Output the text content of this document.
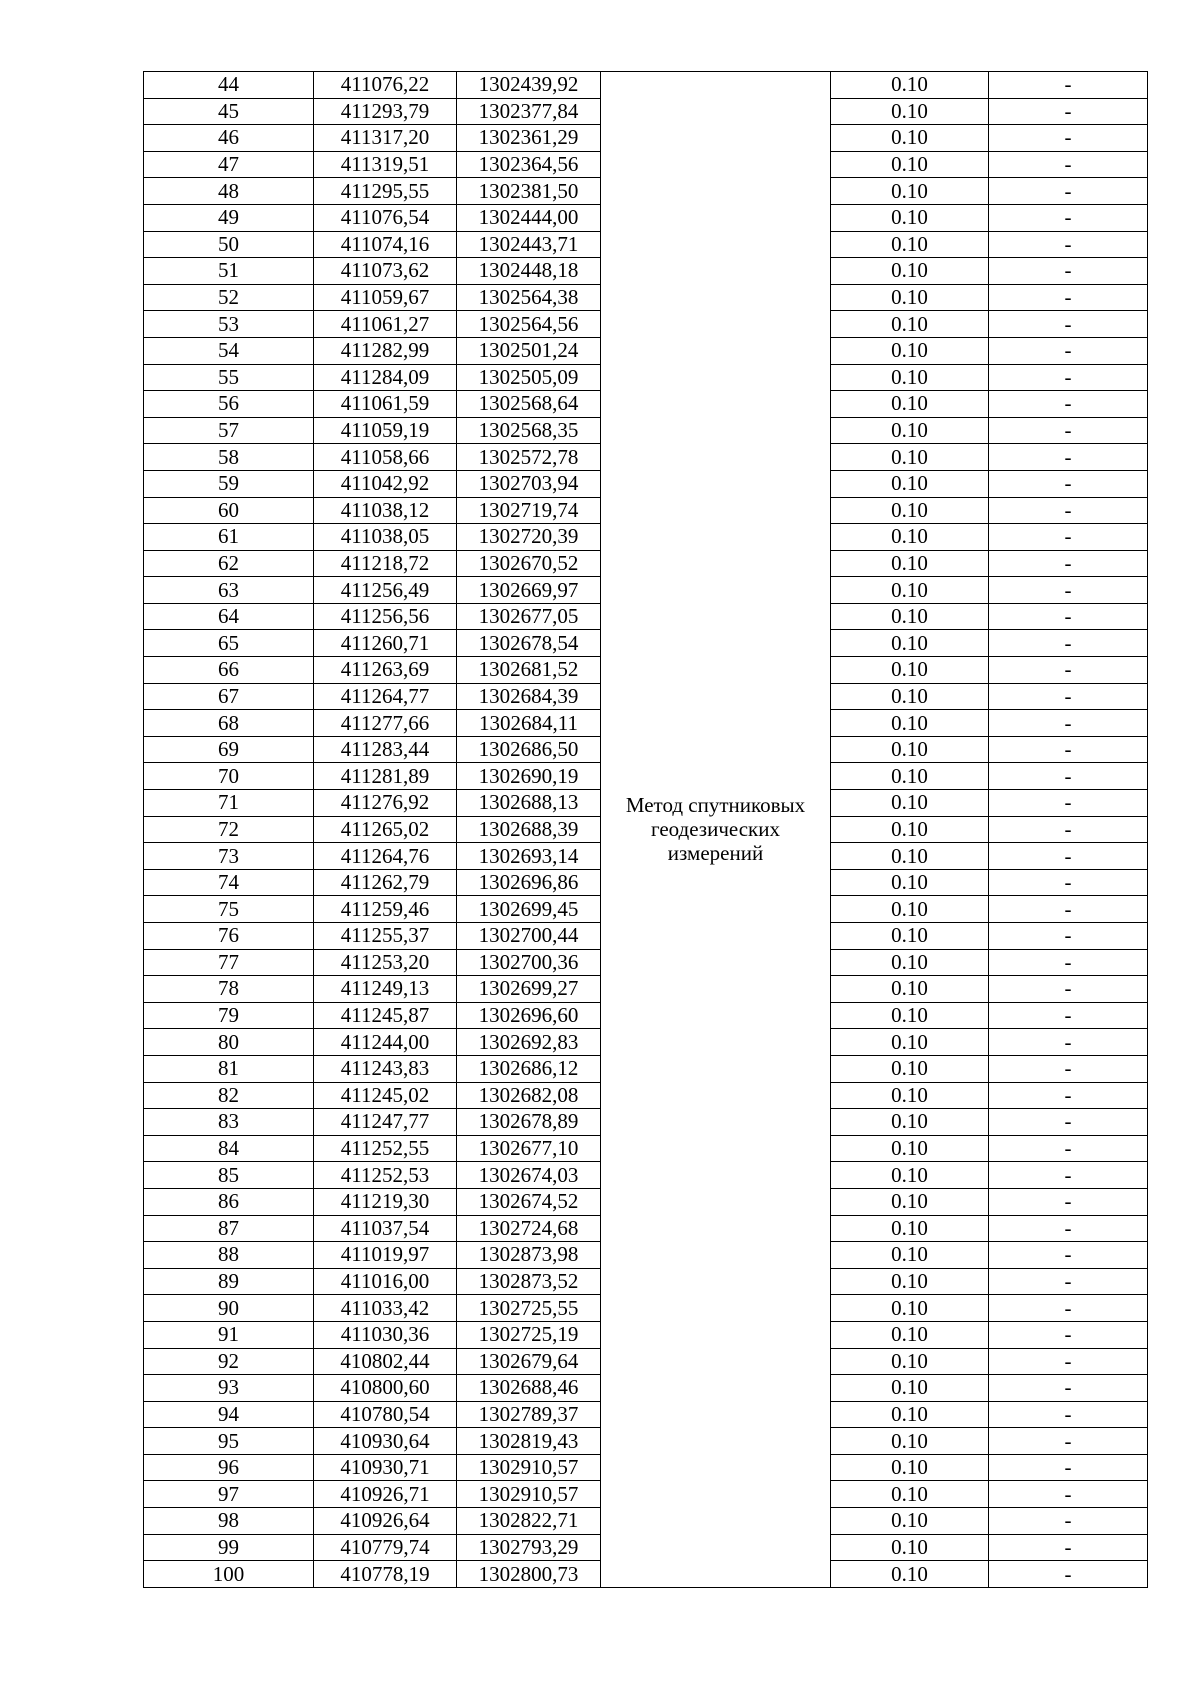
44	411076,22	1302439,92	Метод спутниковых геодезических измерений	0.10	-
45	411293,79	1302377,84		0.10	-
46	411317,20	1302361,29		0.10	-
47	411319,51	1302364,56		0.10	-
48	411295,55	1302381,50		0.10	-
49	411076,54	1302444,00		0.10	-
50	411074,16	1302443,71		0.10	-
51	411073,62	1302448,18		0.10	-
52	411059,67	1302564,38		0.10	-
53	411061,27	1302564,56		0.10	-
54	411282,99	1302501,24		0.10	-
55	411284,09	1302505,09		0.10	-
56	411061,59	1302568,64		0.10	-
57	411059,19	1302568,35		0.10	-
58	411058,66	1302572,78		0.10	-
59	411042,92	1302703,94		0.10	-
60	411038,12	1302719,74		0.10	-
61	411038,05	1302720,39		0.10	-
62	411218,72	1302670,52		0.10	-
63	411256,49	1302669,97		0.10	-
64	411256,56	1302677,05		0.10	-
65	411260,71	1302678,54		0.10	-
66	411263,69	1302681,52		0.10	-
67	411264,77	1302684,39		0.10	-
68	411277,66	1302684,11		0.10	-
69	411283,44	1302686,50		0.10	-
70	411281,89	1302690,19		0.10	-
71	411276,92	1302688,13		0.10	-
72	411265,02	1302688,39		0.10	-
73	411264,76	1302693,14		0.10	-
74	411262,79	1302696,86		0.10	-
75	411259,46	1302699,45		0.10	-
76	411255,37	1302700,44		0.10	-
77	411253,20	1302700,36		0.10	-
78	411249,13	1302699,27		0.10	-
79	411245,87	1302696,60		0.10	-
80	411244,00	1302692,83		0.10	-
81	411243,83	1302686,12		0.10	-
82	411245,02	1302682,08		0.10	-
83	411247,77	1302678,89		0.10	-
84	411252,55	1302677,10		0.10	-
85	411252,53	1302674,03		0.10	-
86	411219,30	1302674,52		0.10	-
87	411037,54	1302724,68		0.10	-
88	411019,97	1302873,98		0.10	-
89	411016,00	1302873,52		0.10	-
90	411033,42	1302725,55		0.10	-
91	411030,36	1302725,19		0.10	-
92	410802,44	1302679,64		0.10	-
93	410800,60	1302688,46		0.10	-
94	410780,54	1302789,37		0.10	-
95	410930,64	1302819,43		0.10	-
96	410930,71	1302910,57		0.10	-
97	410926,71	1302910,57		0.10	-
98	410926,64	1302822,71		0.10	-
99	410779,74	1302793,29		0.10	-
100	410778,19	1302800,73		0.10	-
